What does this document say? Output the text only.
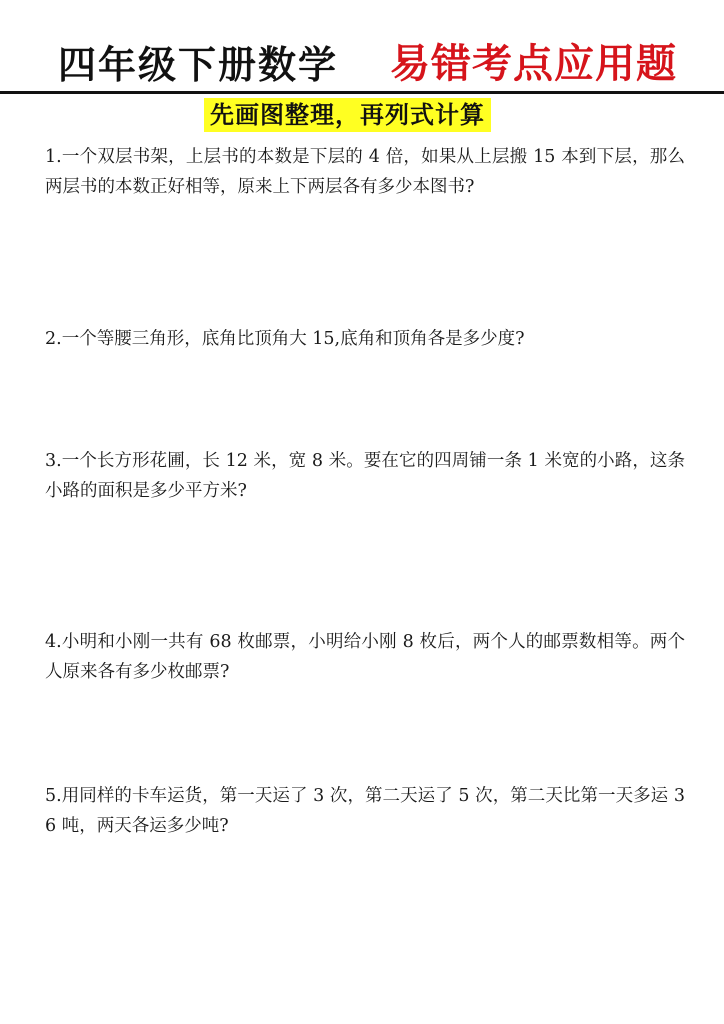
四年级下册数学 易错考点应用题
先画图整理，再列式计算
1.一个双层书架，上层书的本数是下层的 4 倍，如果从上层搬 15 本到下层，那么两层书的本数正好相等，原来上下两层各有多少本图书?
2.一个等腰三角形，底角比顶角大 15,底角和顶角各是多少度?
3.一个长方形花圃，长 12 米，宽 8 米。要在它的四周铺一条 1 米宽的小路，这条小路的面积是多少平方米?
4.小明和小刚一共有 68 枚邮票，小明给小刚 8 枚后，两个人的邮票数相等。两个人原来各有多少枚邮票?
5.用同样的卡车运货，第一天运了 3 次，第二天运了 5 次，第二天比第一天多运 36 吨，两天各运多少吨?
